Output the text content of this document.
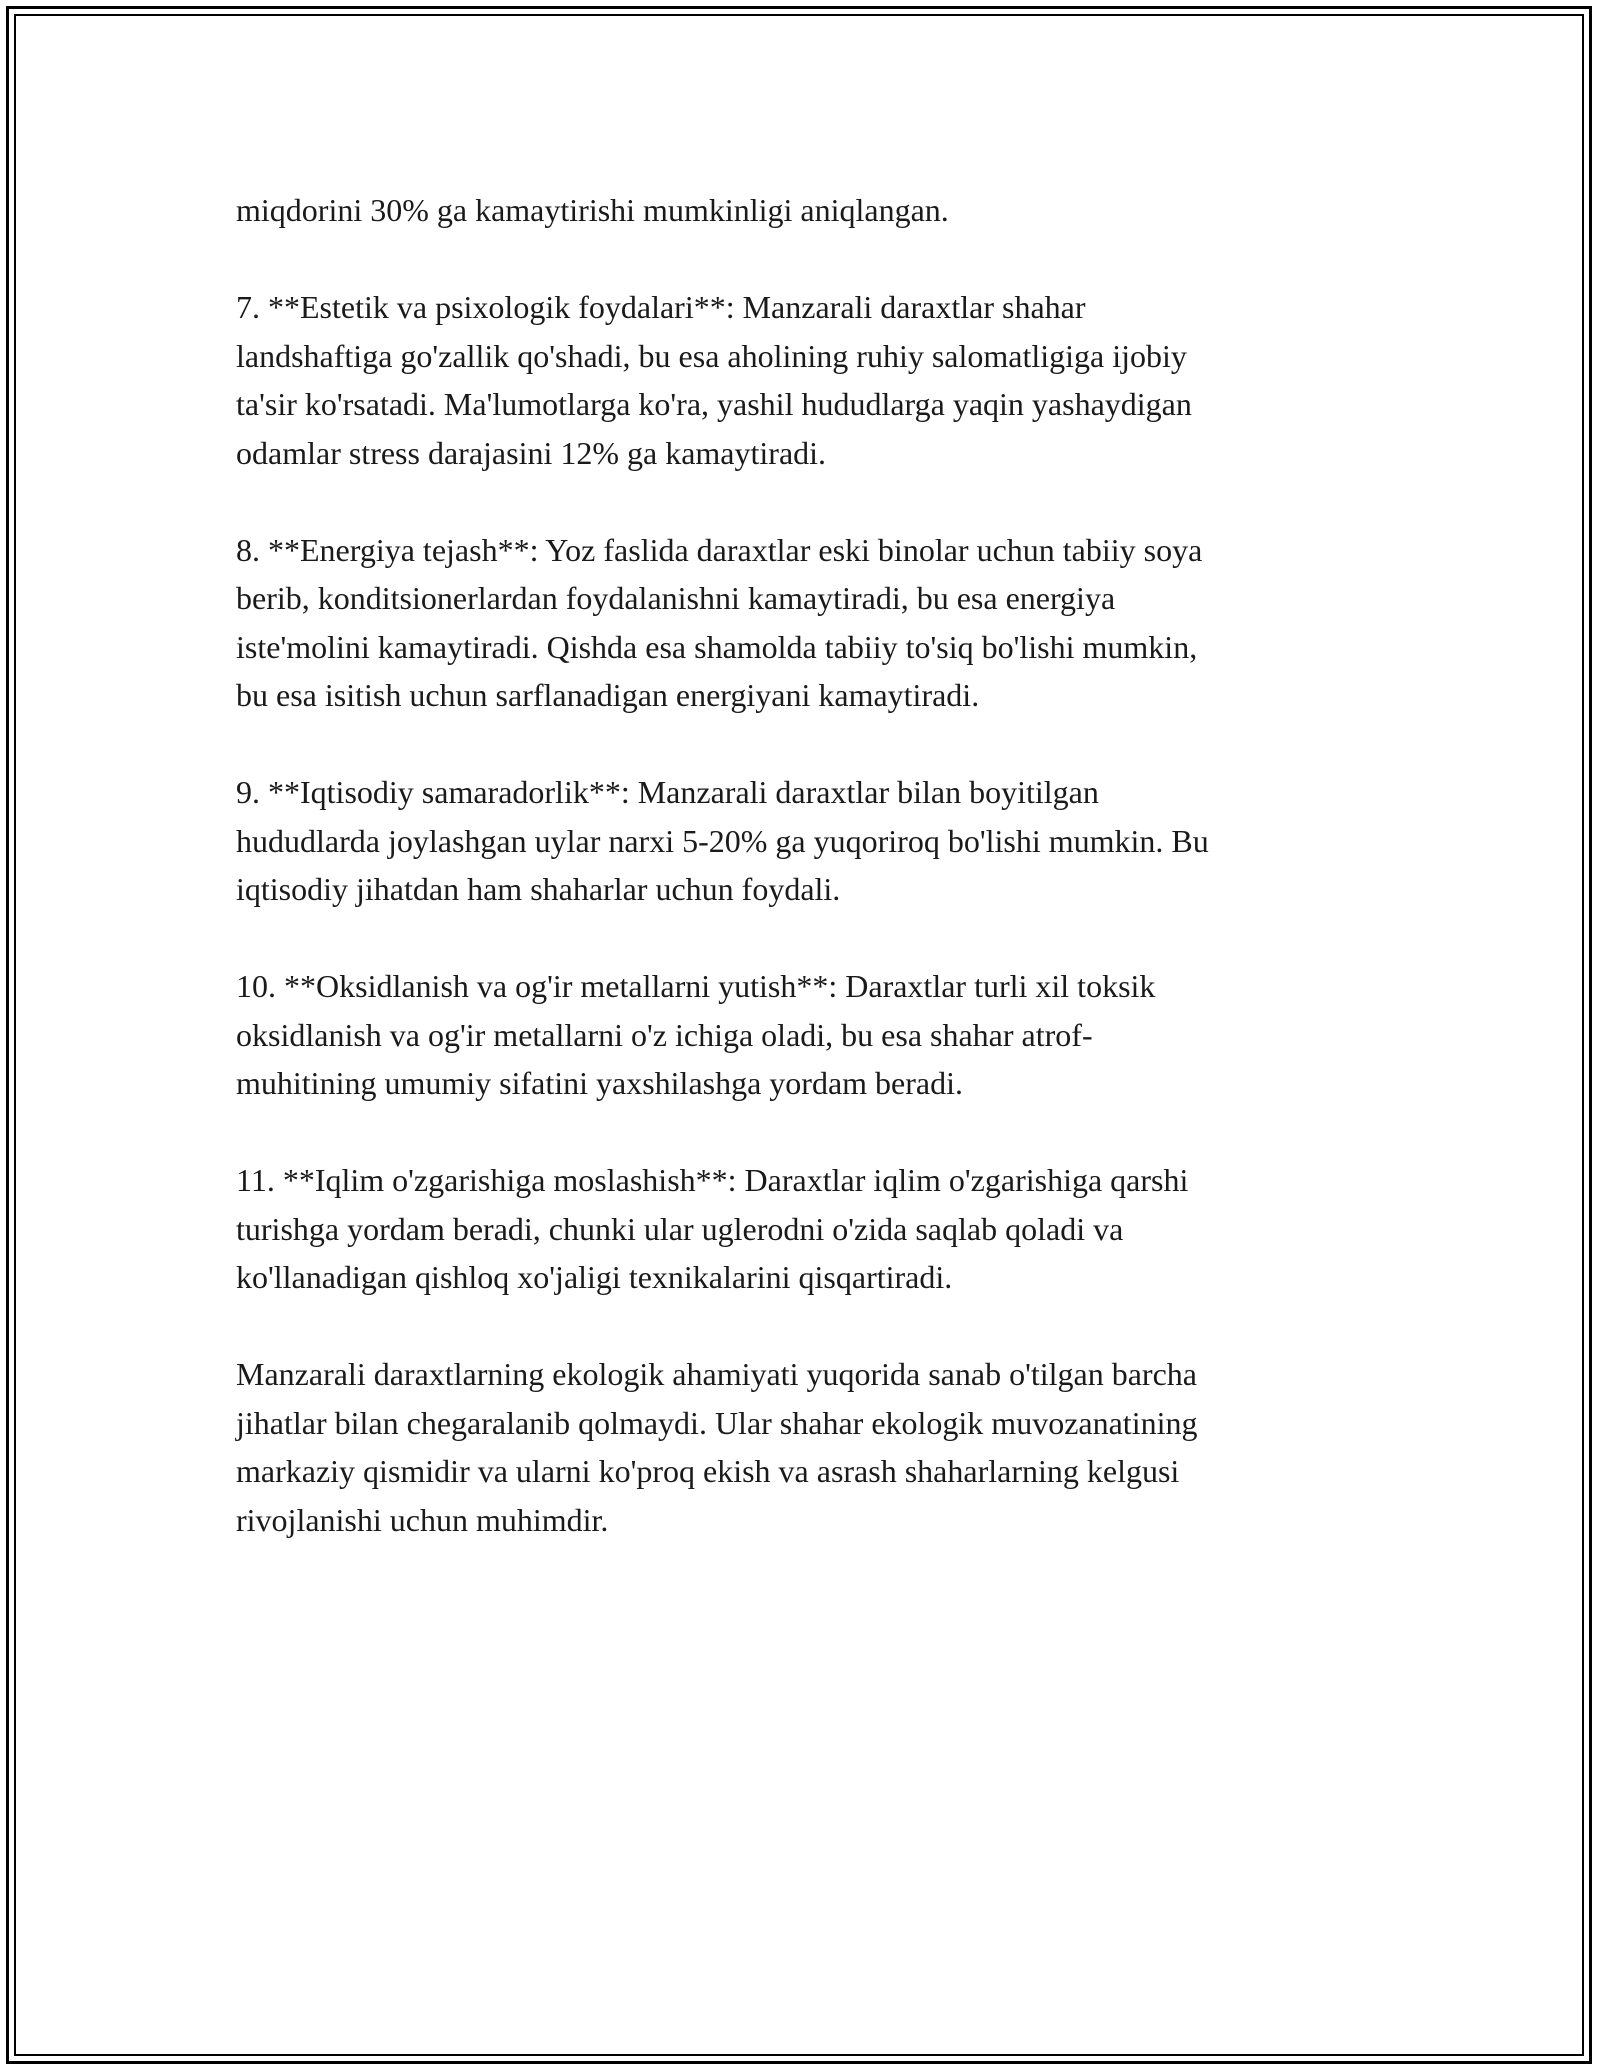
miqdorini 30% ga kamaytirishi mumkinligi aniqlangan.

7. **Estetik va psixologik foydalari**: Manzarali daraxtlar shahar
landshaftiga go'zallik qo'shadi, bu esa aholining ruhiy salomatligiga ijobiy
ta'sir ko'rsatadi. Ma'lumotlarga ko'ra, yashil hududlarga yaqin yashaydigan
odamlar stress darajasini 12% ga kamaytiradi.

8. **Energiya tejash**: Yoz faslida daraxtlar eski binolar uchun tabiiy soya
berib, konditsionerlardan foydalanishni kamaytiradi, bu esa energiya
iste'molini kamaytiradi. Qishda esa shamolda tabiiy to'siq bo'lishi mumkin,
bu esa isitish uchun sarflanadigan energiyani kamaytiradi.

9. **Iqtisodiy samaradorlik**: Manzarali daraxtlar bilan boyitilgan
hududlarda joylashgan uylar narxi 5-20% ga yuqoriroq bo'lishi mumkin. Bu
iqtisodiy jihatdan ham shaharlar uchun foydali.

10. **Oksidlanish va og'ir metallarni yutish**: Daraxtlar turli xil toksik
oksidlanish va og'ir metallarni o'z ichiga oladi, bu esa shahar atrof-
muhitining umumiy sifatini yaxshilashga yordam beradi.

11. **Iqlim o'zgarishiga moslashish**: Daraxtlar iqlim o'zgarishiga qarshi
turishga yordam beradi, chunki ular uglerodni o'zida saqlab qoladi va
ko'llanadigan qishloq xo'jaligi texnikalarini qisqartiradi.

Manzarali daraxtlarning ekologik ahamiyati yuqorida sanab o'tilgan barcha
jihatlar bilan chegaralanib qolmaydi. Ular shahar ekologik muvozanatining
markaziy qismidir va ularni ko'proq ekish va asrash shaharlarning kelgusi
rivojlanishi uchun muhimdir.
